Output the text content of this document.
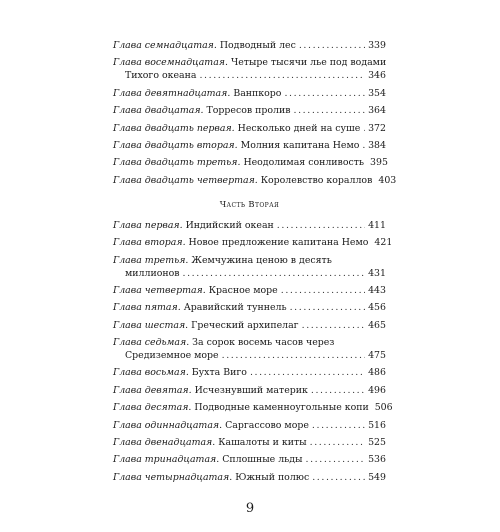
Глава семнадцатая. Подводный лес .....	339
Глава восемнадцатая. Четыре тысячи лье под водами
Тихого океана .....	346
Глава девятнадцатая. Ванпкоро .....	354
Глава двадцатая. Торресов пролив .....	364
Глава двадцать первая. Несколько дней на суше ..... 372
Глава двадцать вторая. Молния капитана Немо ..... 384
Глава двадцать третья. Неодолимая сонливость 395
Глава двадцать четвертая. Королевство кораллов 403
Часть Вторая
Глава первая. Индийский океан .....	411
Глава вторая. Новое предложение капитана Немо 421
Глава третья. Жемчужина ценою в десять
миллионов .....	431
Глава четвертая. Красное море .....	443
Глава пятая. Аравийский туннель .....	456
Глава шестая. Греческий архипелаг .....	465
Глава седьмая. За сорок восемь часов через
Средиземное море .....	475
Глава восьмая. Бухта Виго .....	486
Глава девятая. Исчезнувший материк .....	496
Глава десятая. Подводные каменноугольные копи 506
Глава одиннадцатая. Саргассово море .....	516
Глава двенадцатая. Кашалоты и киты .....	525
Глава тринадцатая. Сплошные льды .....	536
Глава четырнадцатая. Южный полюс .....	549
9
